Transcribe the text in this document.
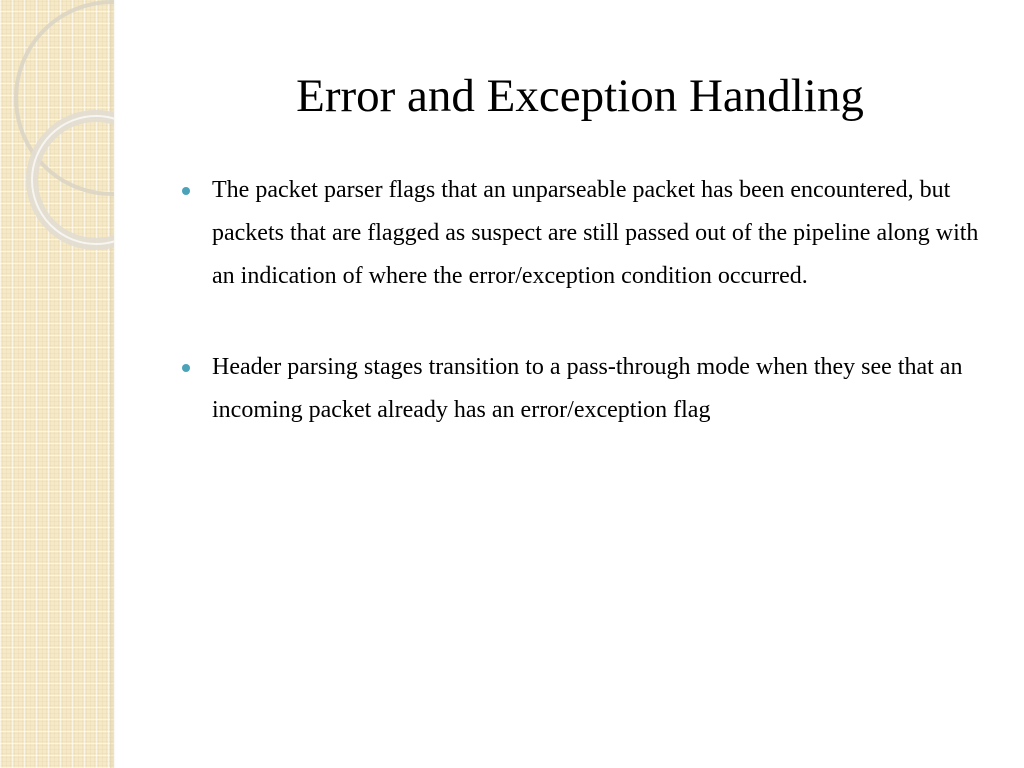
Error and Exception Handling
The packet parser flags that an unparseable packet has been encountered, but packets that are flagged as suspect are still passed out of the pipeline along with an indication of where the error/exception condition occurred.
Header parsing stages transition to a pass-through mode when they see that an incoming packet already has an error/exception flag
